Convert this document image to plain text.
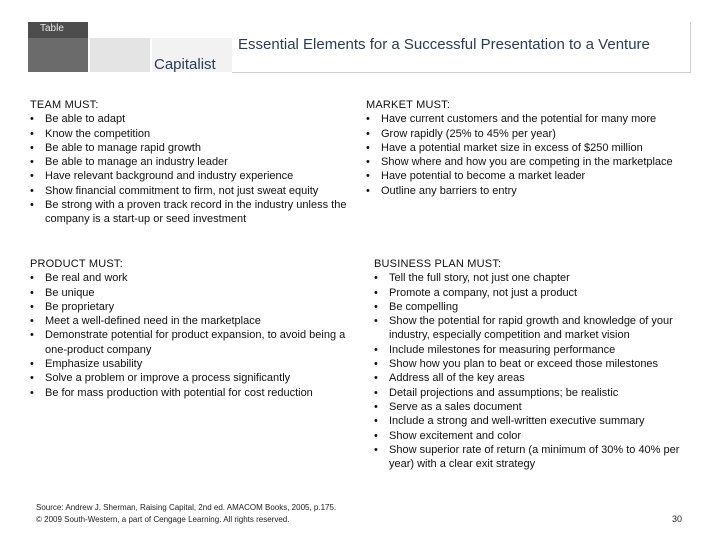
Table
Essential Elements for a Successful Presentation to a Venture
Capitalist
TEAM MUST:
• Be able to adapt
• Know the competition
• Be able to manage rapid growth
• Be able to manage an industry leader
• Have relevant background and industry experience
• Show financial commitment to firm, not just sweat equity
• Be strong with a proven track record in the industry unless the company is a start-up or seed investment
MARKET MUST:
• Have current customers and the potential for many more
• Grow rapidly (25% to 45% per year)
• Have a potential market size in excess of $250 million
• Show where and how you are competing in the marketplace
• Have potential to become a market leader
• Outline any barriers to entry
PRODUCT MUST:
• Be real and work
• Be unique
• Be proprietary
• Meet a well-defined need in the marketplace
• Demonstrate potential for product expansion, to avoid being a one-product company
• Emphasize usability
• Solve a problem or improve a process significantly
• Be for mass production with potential for cost reduction
BUSINESS PLAN MUST:
• Tell the full story, not just one chapter
• Promote a company, not just a product
• Be compelling
• Show the potential for rapid growth and knowledge of your industry, especially competition and market vision
• Include milestones for measuring performance
• Show how you plan to beat or exceed those milestones
• Address all of the key areas
• Detail projections and assumptions; be realistic
• Serve as a sales document
• Include a strong and well-written executive summary
• Show excitement and color
• Show superior rate of return (a minimum of 30% to 40% per year) with a clear exit strategy
Source: Andrew J. Sherman, Raising Capital, 2nd ed. AMACOM Books, 2005, p.175.
© 2009 South-Western, a part of Cengage Learning. All rights reserved.	30
